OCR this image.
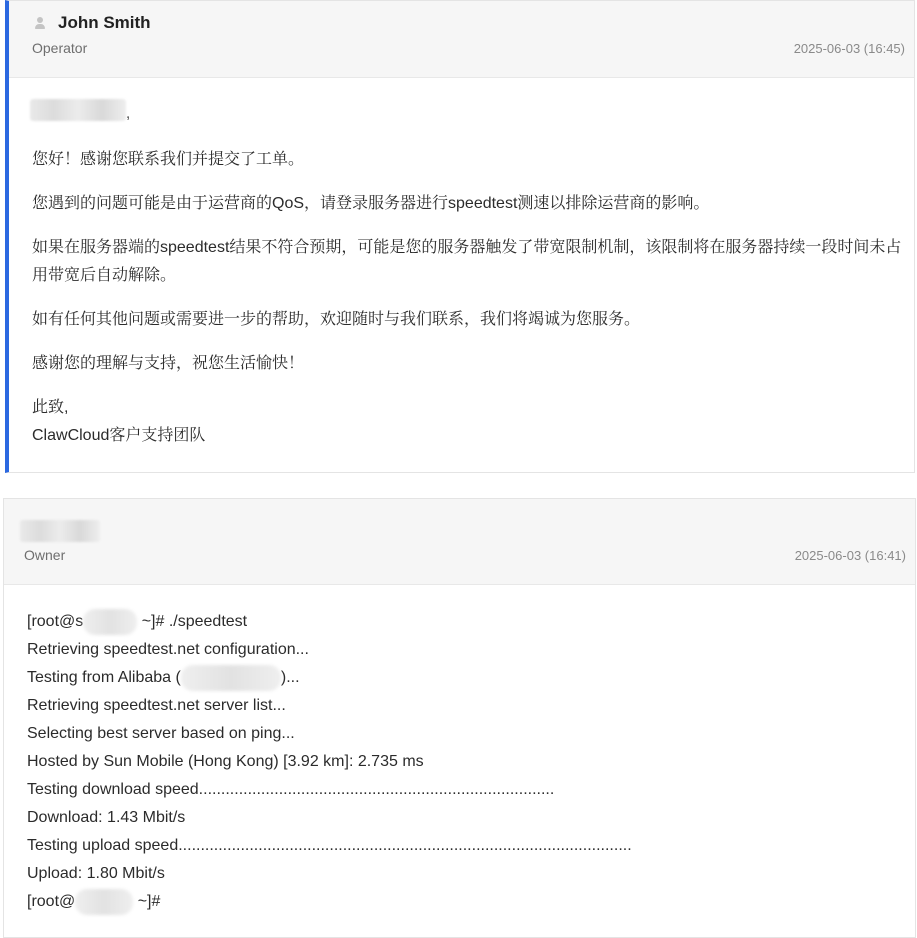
John Smith
Operator	2025-06-03 (16:45)
,
您好！感谢您联系我们并提交了工单。
您遇到的问题可能是由于运营商的QoS，请登录服务器进行speedtest测速以排除运营商的影响。
如果在服务器端的speedtest结果不符合预期，可能是您的服务器触发了带宽限制机制，该限制将在服务器持续一段时间未占用带宽后自动解除。
如有任何其他问题或需要进一步的帮助，欢迎随时与我们联系，我们将竭诚为您服务。
感谢您的理解与支持，祝您生活愉快！
此致,
ClawCloud客户支持团队
Owner	2025-06-03 (16:41)
[root@s	~]# ./speedtest
Retrieving speedtest.net configuration...
Testing from Alibaba (	)...
Retrieving speedtest.net server list...
Selecting best server based on ping...
Hosted by Sun Mobile (Hong Kong) [3.92 km]: 2.735 ms
Testing download speed................................................................................
Download: 1.43 Mbit/s
Testing upload speed......................................................................................................
Upload: 1.80 Mbit/s
[root@	~]#
